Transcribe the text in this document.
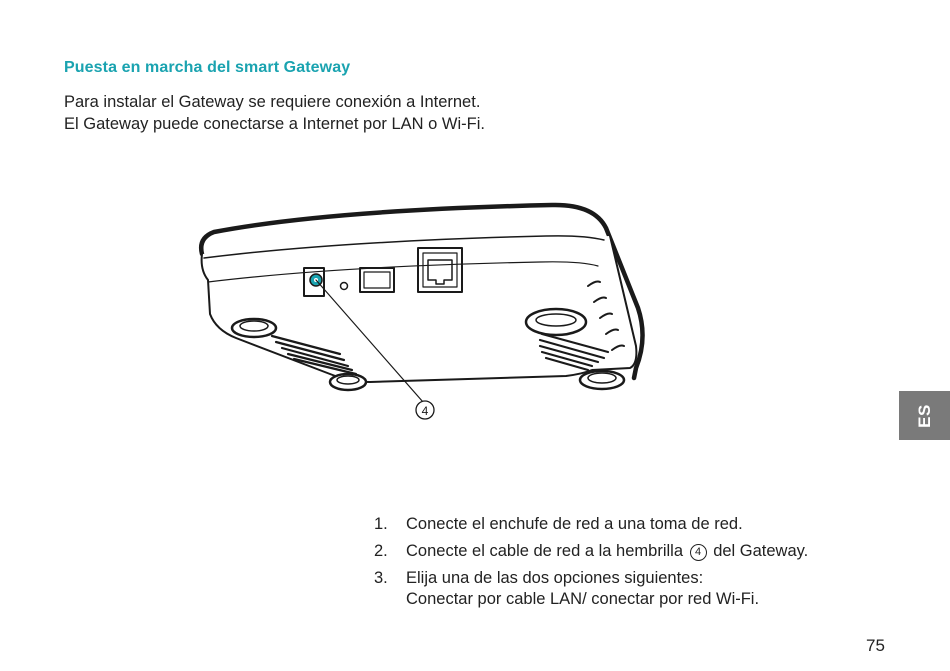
Puesta en marcha del smart Gateway
Para instalar el Gateway se requiere conexión a Internet.
El Gateway puede conectarse a Internet por LAN o Wi-Fi.
4	ES
1.	Conecte el enchufe de red a una toma de red.
2.	Conecte el cable de red a la hembrilla 4 del Gateway.
3.	Elija una de las dos opciones siguientes:
Conectar por cable LAN/ conectar por red Wi-Fi.
75
